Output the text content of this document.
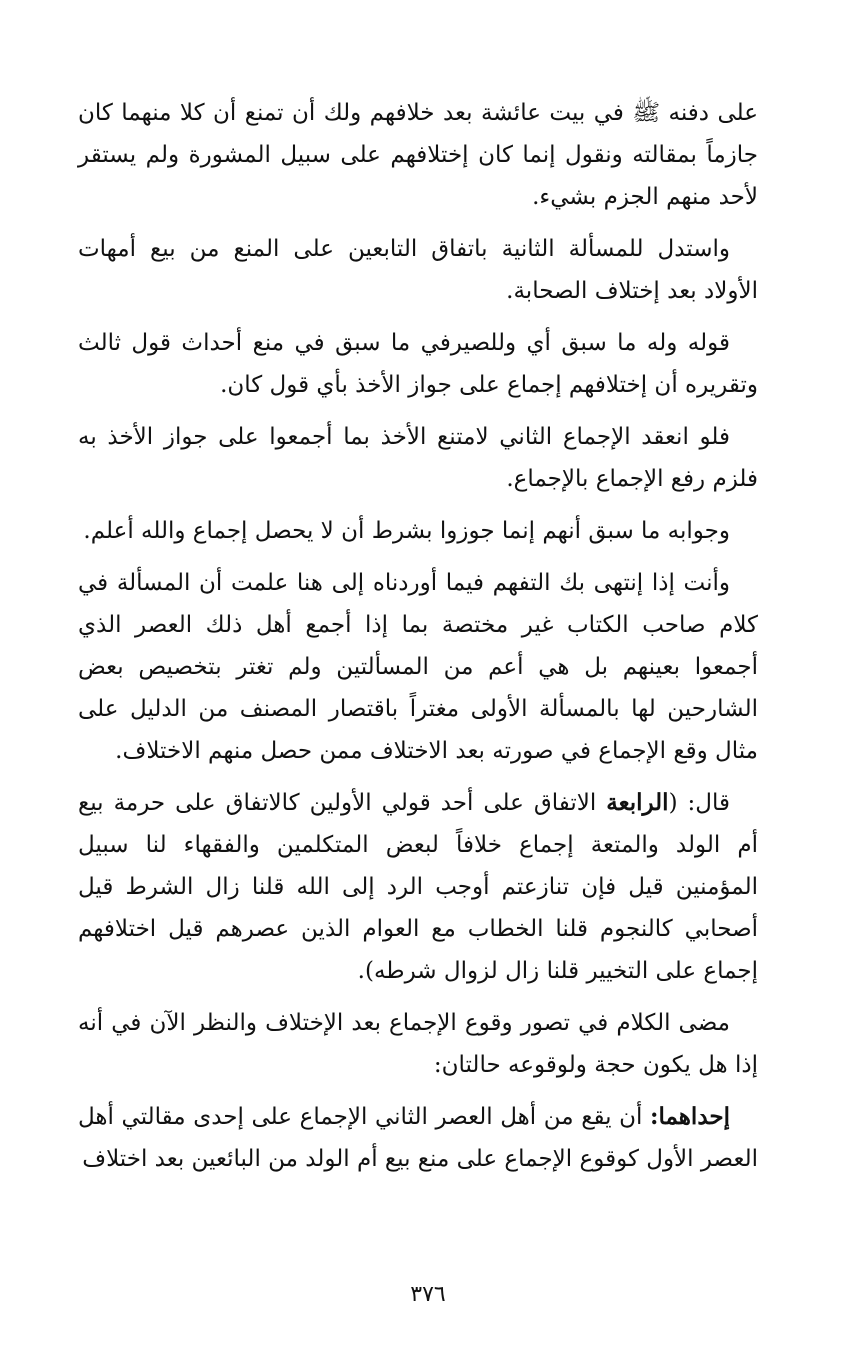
على دفنه ﷺ في بيت عائشة بعد خلافهم ولك أن تمنع أن كلا منهما كان جازماً بمقالته ونقول إنما كان إختلافهم على سبيل المشورة ولم يستقر لأحد منهم الجزم بشيء.

واستدل للمسألة الثانية باتفاق التابعين على المنع من بيع أمهات الأولاد بعد إختلاف الصحابة.

قوله وله ما سبق أي وللصيرفي ما سبق في منع أحداث قول ثالث وتقريره أن إختلافهم إجماع على جواز الأخذ بأي قول كان.

فلو انعقد الإجماع الثاني لامتنع الأخذ بما أجمعوا على جواز الأخذ به فلزم رفع الإجماع بالإجماع.

وجوابه ما سبق أنهم إنما جوزوا بشرط أن لا يحصل إجماع والله أعلم.

وأنت إذا إنتهى بك التفهم فيما أوردناه إلى هنا علمت أن المسألة في كلام صاحب الكتاب غير مختصة بما إذا أجمع أهل ذلك العصر الذي أجمعوا بعينهم بل هي أعم من المسألتين ولم تغتر بتخصيص بعض الشارحين لها بالمسألة الأولى مغتراً باقتصار المصنف من الدليل على مثال وقع الإجماع في صورته بعد الاختلاف ممن حصل منهم الاختلاف.

قال: (الرابعة الاتفاق على أحد قولي الأولين كالاتفاق على حرمة بيع أم الولد والمتعة إجماع خلافاً لبعض المتكلمين والفقهاء لنا سبيل المؤمنين قيل فإن تنازعتم أوجب الرد إلى الله قلنا زال الشرط قيل أصحابي كالنجوم قلنا الخطاب مع العوام الذين عصرهم قيل اختلافهم إجماع على التخيير قلنا زال لزوال شرطه).

مضى الكلام في تصور وقوع الإجماع بعد الإختلاف والنظر الآن في أنه إذا هل يكون حجة ولوقوعه حالتان:

إحداهما: أن يقع من أهل العصر الثاني الإجماع على إحدى مقالتي أهل العصر الأول كوقوع الإجماع على منع بيع أم الولد من البائعين بعد اختلاف

٣٧٦
